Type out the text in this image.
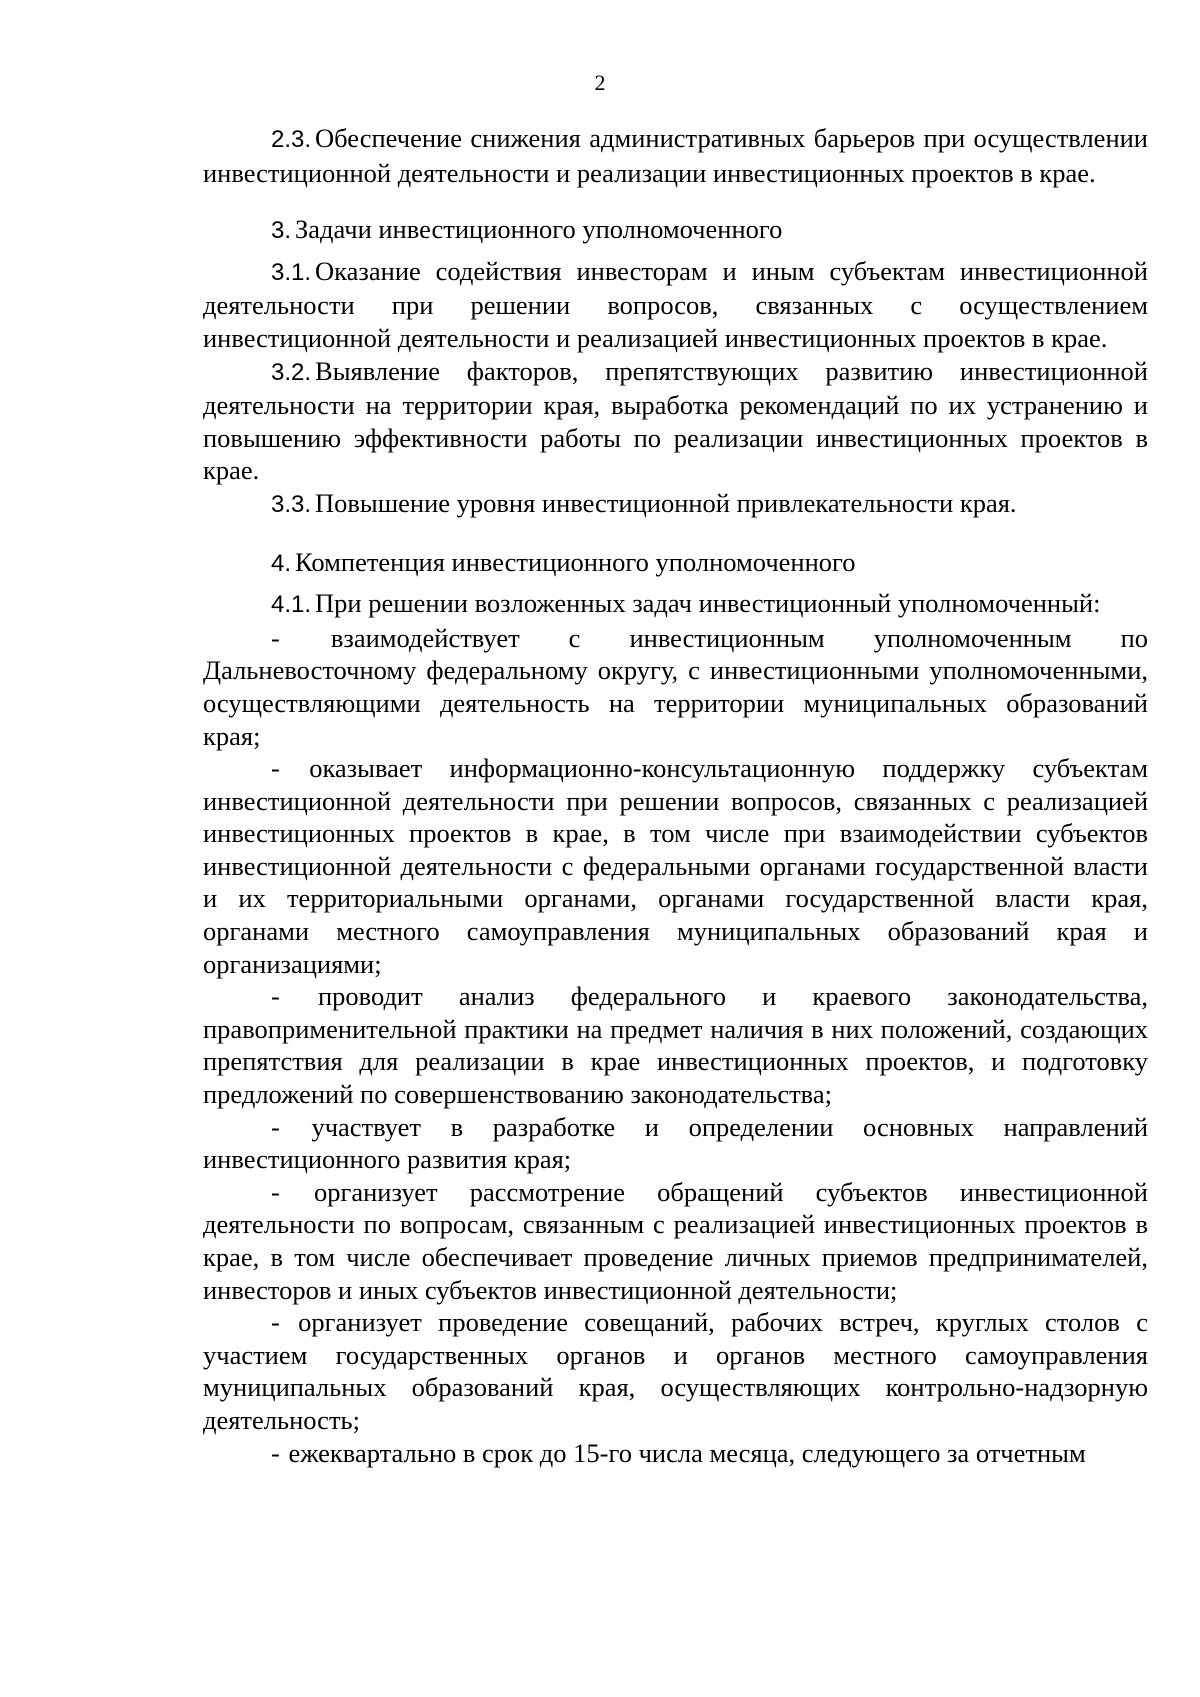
2

2.3. Обеспечение снижения административных барьеров при осуществлении инвестиционной деятельности и реализации инвестиционных проектов в крае.

3. Задачи инвестиционного уполномоченного

3.1. Оказание содействия инвесторам и иным субъектам инвестиционной деятельности при решении вопросов, связанных с осуществлением инвестиционной деятельности и реализацией инвестиционных проектов в крае.

3.2. Выявление факторов, препятствующих развитию инвестиционной деятельности на территории края, выработка рекомендаций по их устранению и повышению эффективности работы по реализации инвестиционных проектов в крае.

3.3. Повышение уровня инвестиционной привлекательности края.

4. Компетенция инвестиционного уполномоченного

4.1. При решении возложенных задач инвестиционный уполномоченный:

- взаимодействует с инвестиционным уполномоченным по Дальневосточному федеральному округу, с инвестиционными уполномоченными, осуществляющими деятельность на территории муниципальных образований края;

- оказывает информационно-консультационную поддержку субъектам инвестиционной деятельности при решении вопросов, связанных с реализацией инвестиционных проектов в крае, в том числе при взаимодействии субъектов инвестиционной деятельности с федеральными органами государственной власти и их территориальными органами, органами государственной власти края, органами местного самоуправления муниципальных образований края и организациями;

- проводит анализ федерального и краевого законодательства, правоприменительной практики на предмет наличия в них положений, создающих препятствия для реализации в крае инвестиционных проектов, и подготовку предложений по совершенствованию законодательства;

- участвует в разработке и определении основных направлений инвестиционного развития края;

- организует рассмотрение обращений субъектов инвестиционной деятельности по вопросам, связанным с реализацией инвестиционных проектов в крае, в том числе обеспечивает проведение личных приемов предпринимателей, инвесторов и иных субъектов инвестиционной деятельности;

- организует проведение совещаний, рабочих встреч, круглых столов с участием государственных органов и органов местного самоуправления муниципальных образований края, осуществляющих контрольно-надзорную деятельность;

- ежеквартально в срок до 15-го числа месяца, следующего за отчетным
